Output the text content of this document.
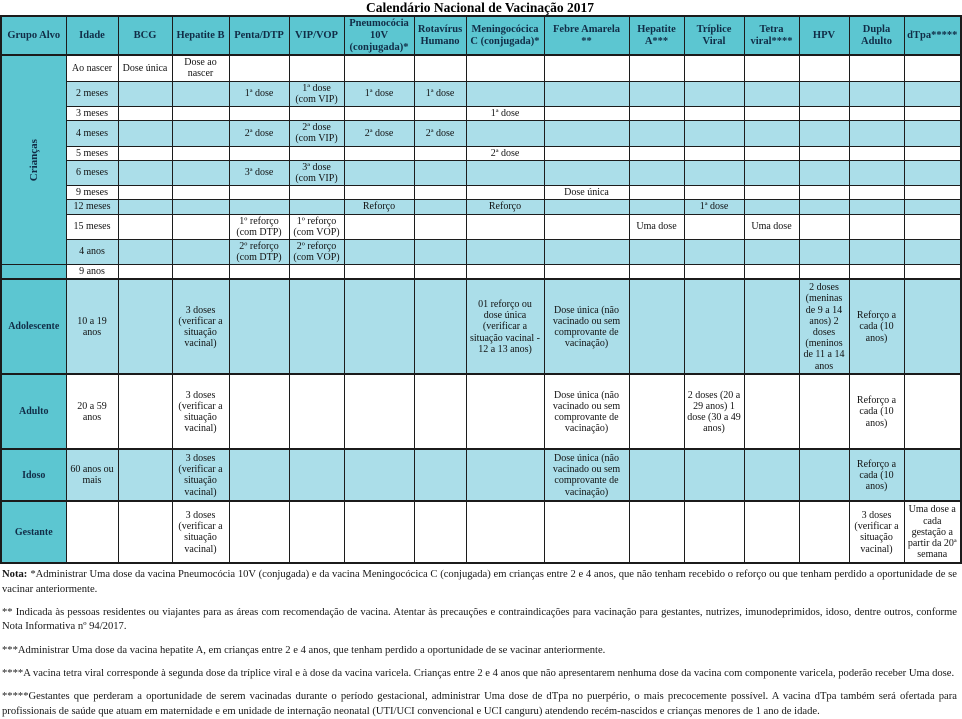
Calendário Nacional de Vacinação 2017
Grupo Alvo	Idade	BCG	Hepatite B	Penta/DTP	VIP/VOP	Pneumocócia 10V (conjugada)*	Rotavírus Humano	Meningocócica C (conjugada)*	Febre Amarela **	Hepatite A***	Tríplice Viral	Tetra viral****	HPV	Dupla Adulto	dTpa*****
Crianças	Ao nascer	Dose única	Dose ao nascer												
	2 meses			1ª dose	1ª dose (com VIP)	1ª dose	1ª dose								
	3 meses							1ª dose							
	4 meses			2ª dose	2ª dose (com VIP)	2ª dose	2ª dose								
	5 meses							2ª dose							
	6 meses			3ª dose	3ª dose (com VIP)										
	9 meses								Dose única						
	12 meses					Reforço		Reforço			1ª dose				
	15 meses			1º reforço (com DTP)	1º reforço (com VOP)					Uma dose		Uma dose			
	4 anos			2º reforço (com DTP)	2º reforço (com VOP)										
	9 anos														
Adolescente	10 a 19 anos		3 doses (verificar a situação vacinal)					01 reforço ou dose única (verificar a situação vacinal - 12 a 13 anos)	Dose única (não vacinado ou sem comprovante de vacinação)				2 doses (meninas de 9 a 14 anos) 2 doses (meninos de 11 a 14 anos	Reforço a cada (10 anos)	
Adulto	20 a 59 anos		3 doses (verificar a situação vacinal)						Dose única (não vacinado ou sem comprovante de vacinação)		2 doses (20 a 29 anos) 1 dose (30 a 49 anos)			Reforço a cada (10 anos)	
Idoso	60 anos ou mais		3 doses (verificar a situação vacinal)						Dose única (não vacinado ou sem comprovante de vacinação)					Reforço a cada (10 anos)	
Gestante			3 doses (verificar a situação vacinal)											3 doses (verificar a situação vacinal)	Uma dose a cada gestação a partir da 20ª semana

Nota: *Administrar Uma dose da vacina Pneumocócia 10V (conjugada) e da vacina Meningocócica C (conjugada) em crianças entre 2 e 4 anos, que não tenham recebido o reforço ou que tenham perdido a oportunidade de se vacinar anteriormente.

** Indicada às pessoas residentes ou viajantes para as áreas com recomendação de vacina. Atentar às precauções e contraindicações para vacinação para gestantes, nutrizes, imunodeprimidos, idoso, dentre outros, conforme Nota Informativa nº 94/2017.

***Administrar Uma dose da vacina hepatite A, em crianças entre 2 e 4 anos, que tenham perdido a oportunidade de se vacinar anteriormente.

****A vacina tetra viral corresponde à segunda dose da tríplice viral e à dose da vacina varicela. Crianças entre 2 e 4 anos que não apresentarem nenhuma dose da vacina com componente varicela, poderão receber Uma dose.

*****Gestantes que perderam a oportunidade de serem vacinadas durante o período gestacional, administrar Uma dose de dTpa no puerpério, o mais precocemente possível. A vacina dTpa também será ofertada para profissionais de saúde que atuam em maternidade e em unidade de internação neonatal (UTI/UCI convencional e UCI canguru) atendendo recém-nascidos e crianças menores de 1 ano de idade.
